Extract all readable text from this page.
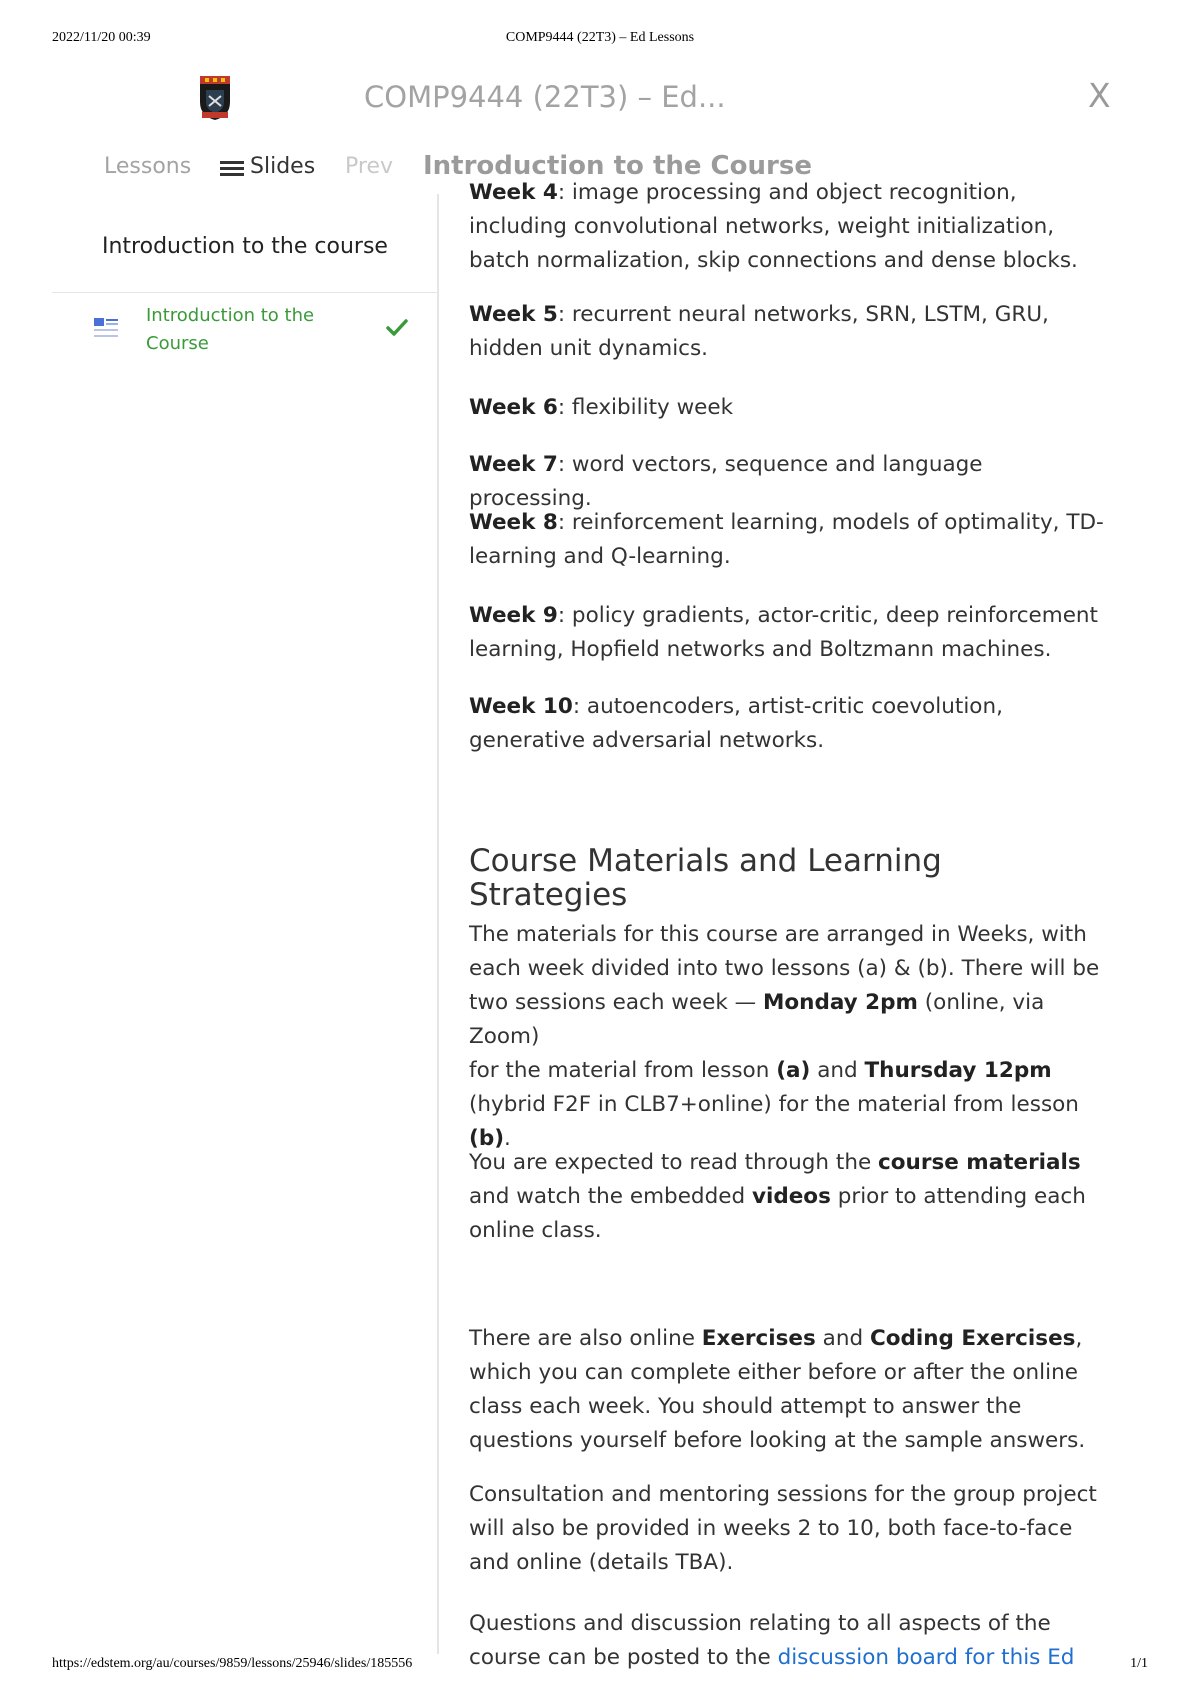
2022/11/20 00:39	COMP9444 (22T3) – Ed Lessons
https://edstem.org/au/courses/9859/lessons/25946/slides/185556	1/1
COMP9444 (22T3) – Ed...	X
Lessons	Slides Prev Introduction to the Course
Introduction to the course
Introduction to the
Course

Week 4: image processing and object recognition,
including convolutional networks, weight initialization,
batch normalization, skip connections and dense blocks.

Week 5: recurrent neural networks, SRN, LSTM, GRU,
hidden unit dynamics.

Week 6: flexibility week

Week 7: word vectors, sequence and language processing.

Week 8: reinforcement learning, models of optimality, TD-
learning and Q-learning.

Week 9: policy gradients, actor-critic, deep reinforcement
learning, Hopfield networks and Boltzmann machines.

Week 10: autoencoders, artist-critic coevolution,
generative adversarial networks.

Course Materials and Learning Strategies

The materials for this course are arranged in Weeks, with
each week divided into two lessons (a) & (b). There will be
two sessions each week — Monday 2pm (online, via Zoom)
for the material from lesson (a) and Thursday 12pm
(hybrid F2F in CLB7+online) for the material from lesson
(b).

You are expected to read through the course materials
and watch the embedded videos prior to attending each
online class.

There are also online Exercises and Coding Exercises,
which you can complete either before or after the online
class each week. You should attempt to answer the
questions yourself before looking at the sample answers.

Consultation and mentoring sessions for the group project
will also be provided in weeks 2 to 10, both face-to-face
and online (details TBA).

Questions and discussion relating to all aspects of the
course can be posted to the discussion board for this Ed
